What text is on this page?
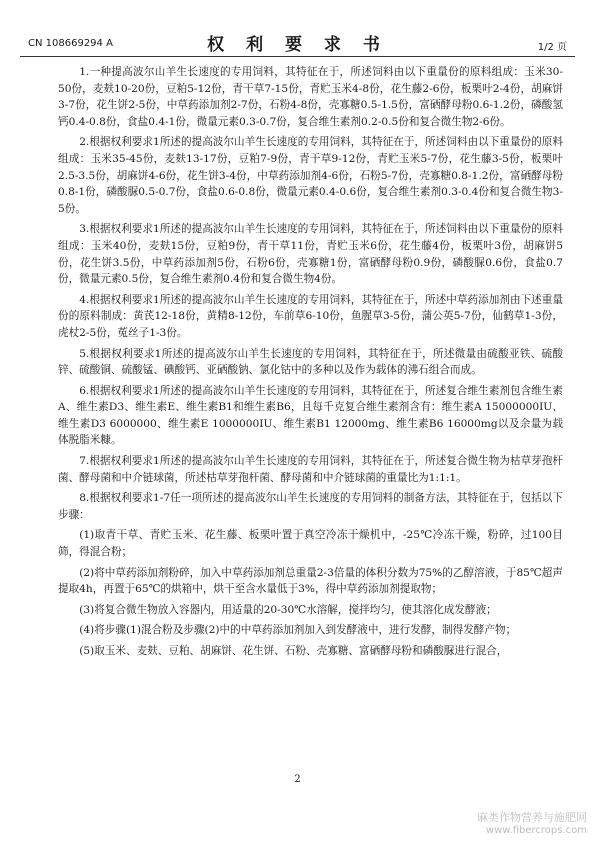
CN 108669294 A	权 利 要 求 书	1/2 页

1.一种提高波尔山羊生长速度的专用饲料，其特征在于，所述饲料由以下重量份的原料组成：玉米30-50份，麦麸10-20份，豆粕5-12份，青干草7-15份，青贮玉米4-8份，花生藤2-6份，板栗叶2-4份，胡麻饼3-7份，花生饼2-5份，中草药添加剂2-7份，石粉4-8份，壳寡糖0.5-1.5份，富硒酵母粉0.6-1.2份，磷酸氢钙0.4-0.8份，食盐0.4-1份，微量元素0.3-0.7份，复合维生素剂0.2-0.5份和复合微生物2-6份。

2.根据权利要求1所述的提高波尔山羊生长速度的专用饲料，其特征在于，所述饲料由以下重量份的原料组成：玉米35-45份，麦麸13-17份，豆粕7-9份，青干草9-12份，青贮玉米5-7份，花生藤3-5份，板栗叶2.5-3.5份，胡麻饼4-6份，花生饼3-4份，中草药添加剂4-6份，石粉5-7份，壳寡糖0.8-1.2份，富硒酵母粉0.8-1份，磷酸脲0.5-0.7份，食盐0.6-0.8份，微量元素0.4-0.6份，复合维生素剂0.3-0.4份和复合微生物3-5份。

3.根据权利要求1所述的提高波尔山羊生长速度的专用饲料，其特征在于，所述饲料由以下重量份的原料组成：玉米40份，麦麸15份，豆粕9份，青干草11份，青贮玉米6份，花生藤4份，板栗叶3份，胡麻饼5份，花生饼3.5份，中草药添加剂5份，石粉6份，壳寡糖1份，富硒酵母粉0.9份，磷酸脲0.6份，食盐0.7份，微量元素0.5份，复合维生素剂0.4份和复合微生物4份。

4.根据权利要求1所述的提高波尔山羊生长速度的专用饲料，其特征在于，所述中草药添加剂由下述重量份的原料制成：黄芪12-18份，黄精8-12份，车前草6-10份，鱼腥草3-5份，蒲公英5-7份，仙鹤草1-3份，虎杖2-5份，菟丝子1-3份。

5.根据权利要求1所述的提高波尔山羊生长速度的专用饲料，其特征在于，所述微量由硫酸亚铁、硫酸锌、硫酸铜、硫酸锰、碘酸钙、亚硒酸钠、氯化钴中的多种以及作为载体的沸石组合而成。

6.根据权利要求1所述的提高波尔山羊生长速度的专用饲料，其特征在于，所述复合维生素剂包含维生素A、维生素D3、维生素E、维生素B1和维生素B6，且每千克复合维生素剂含有：维生素A 15000000IU、维生素D3 6000000、维生素E 1000000IU、维生素B1 12000mg、维生素B6 16000mg以及余量为载体脱脂米糠。

7.根据权利要求1所述的提高波尔山羊生长速度的专用饲料，其特征在于，所述复合微生物为枯草芽孢杆菌、酵母菌和中介链球菌，所述枯草芽孢杆菌、酵母菌和中介链球菌的重量比为1:1:1。

8.根据权利要求1-7任一项所述的提高波尔山羊生长速度的专用饲料的制备方法，其特征在于，包括以下步骤：

(1)取青干草、青贮玉米、花生藤、板栗叶置于真空冷冻干燥机中，-25℃冷冻干燥，粉碎，过100目筛，得混合粉；

(2)将中草药添加剂粉碎，加入中草药添加剂总重量2-3倍量的体积分数为75%的乙醇溶液，于85℃超声提取4h，再置于65℃的烘箱中，烘干至含水量低于3%，得中草药添加剂提取物；

(3)将复合微生物放入容器内，用适量的20-30℃水溶解，搅拌均匀，使其溶化成发酵液；

(4)将步骤(1)混合粉及步骤(2)中的中草药添加剂加入到发酵液中，进行发酵，制得发酵产物；

(5)取玉米、麦麸、豆粕、胡麻饼、花生饼、石粉、壳寡糖、富硒酵母粉和磷酸脲进行混合，

2
麻类作物营养与施肥网
www.fibercrops.com
